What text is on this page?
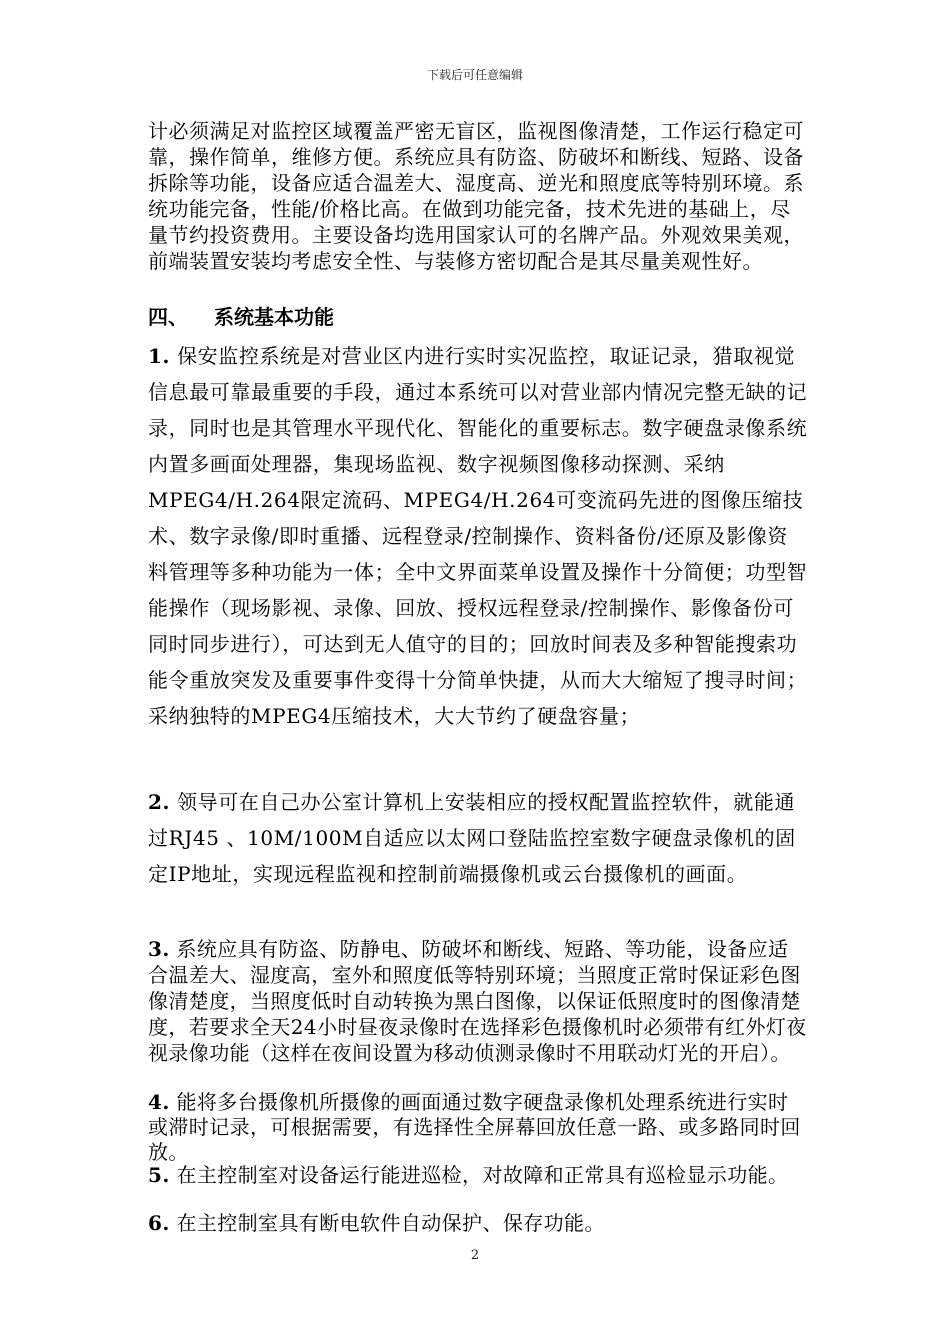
下载后可任意编辑
计必须满足对监控区域覆盖严密无盲区，监视图像清楚，工作运行稳定可靠，操作简单，维修方便。系统应具有防盗、防破坏和断线、短路、设备拆除等功能，设备应适合温差大、湿度高、逆光和照度底等特别环境。系统功能完备，性能/价格比高。在做到功能完备，技术先进的基础上，尽量节约投资费用。主要设备均选用国家认可的名牌产品。外观效果美观，前端装置安装均考虑安全性、与装修方密切配合是其尽量美观性好。
四、 系统基本功能
1. 保安监控系统是对营业区内进行实时实况监控，取证记录，猎取视觉信息最可靠最重要的手段，通过本系统可以对营业部内情况完整无缺的记录，同时也是其管理水平现代化、智能化的重要标志。数字硬盘录像系统内置多画面处理器，集现场监视、数字视频图像移动探测、采纳MPEG4/H.264限定流码、MPEG4/H.264可变流码先进的图像压缩技术、数字录像/即时重播、远程登录/控制操作、资料备份/还原及影像资料管理等多种功能为一体；全中文界面菜单设置及操作十分简便；功型智能操作（现场影视、录像、回放、授权远程登录/控制操作、影像备份可同时同步进行），可达到无人值守的目的；回放时间表及多种智能搜索功能令重放突发及重要事件变得十分简单快捷，从而大大缩短了搜寻时间；采纳独特的MPEG4压缩技术，大大节约了硬盘容量；
2. 领导可在自己办公室计算机上安装相应的授权配置监控软件，就能通过RJ45 、10M/100M自适应以太网口登陆监控室数字硬盘录像机的固定IP地址，实现远程监视和控制前端摄像机或云台摄像机的画面。
3. 系统应具有防盗、防静电、防破坏和断线、短路、等功能，设备应适合温差大、湿度高，室外和照度低等特别环境；当照度正常时保证彩色图像清楚度，当照度低时自动转换为黑白图像，以保证低照度时的图像清楚度，若要求全天24小时昼夜录像时在选择彩色摄像机时必须带有红外灯夜视录像功能（这样在夜间设置为移动侦测录像时不用联动灯光的开启）。
4. 能将多台摄像机所摄像的画面通过数字硬盘录像机处理系统进行实时或滞时记录，可根据需要，有选择性全屏幕回放任意一路、或多路同时回放。
5. 在主控制室对设备运行能进巡检，对故障和正常具有巡检显示功能。
6. 在主控制室具有断电软件自动保护、保存功能。
2
